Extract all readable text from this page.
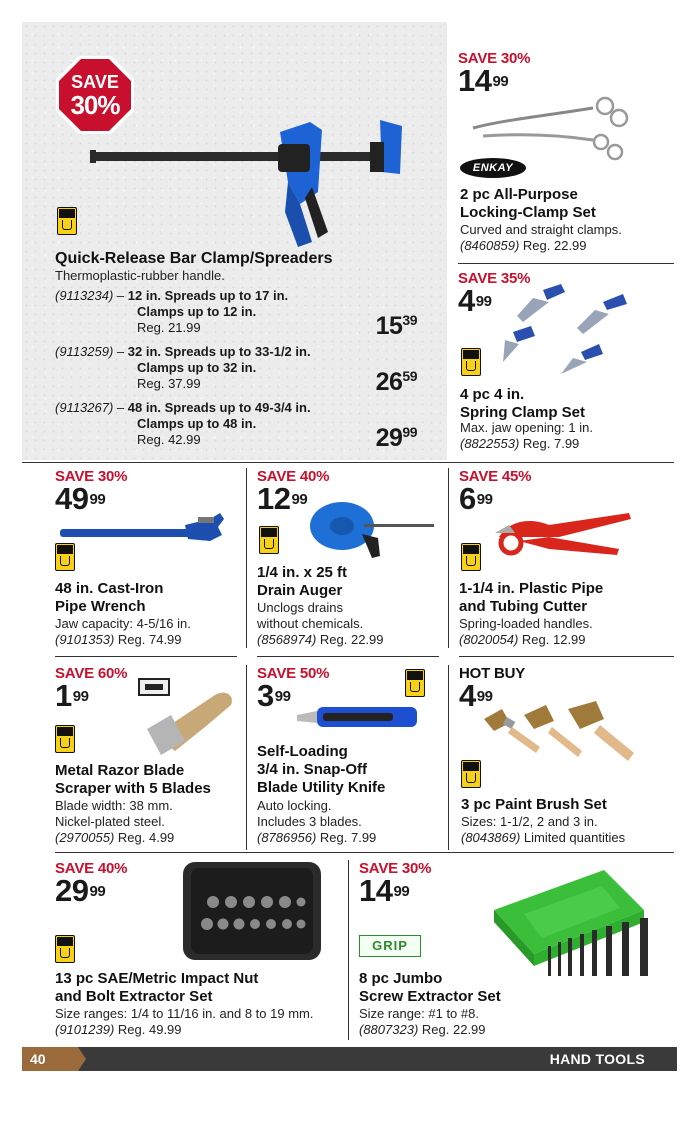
SAVE
30%
Quick-Release Bar Clamp/Spreaders
Thermoplastic-rubber handle.
(9113234) – 12 in. Spreads up to 17 in.
Clamps up to 12 in.
Reg. 21.99	$15^{39}$
(9113259) – 32 in. Spreads up to 33-1/2 in.
Clamps up to 32 in.
Reg. 37.99	$26^{59}$
(9113267) – 48 in. Spreads up to 49-3/4 in.
Clamps up to 48 in.
Reg. 42.99	$29^{99}$
SAVE 30%
$14^{99}$
ENKAY
2 pc All-Purpose
Locking-Clamp Set
Curved and straight clamps.
(8460859) Reg. 22.99
SAVE 35%
$4^{99}$
4 pc 4 in.
Spring Clamp Set
Max. jaw opening: 1 in.
(8822553) Reg. 7.99
SAVE 30%
$49^{99}$
48 in. Cast-Iron
Pipe Wrench
Jaw capacity: 4-5/16 in.
(9101353) Reg. 74.99
SAVE 40%
$12^{99}$
1/4 in. x 25 ft
Drain Auger
Unclogs drains
without chemicals.
(8568974) Reg. 22.99
SAVE 45%
$6^{99}$
1-1/4 in. Plastic Pipe
and Tubing Cutter
Spring-loaded handles.
(8020054) Reg. 12.99
SAVE 60%
$1^{99}$
Metal Razor Blade
Scraper with 5 Blades
Blade width: 38 mm.
Nickel-plated steel.
(2970055) Reg. 4.99
SAVE 50%
$3^{99}$
Self-Loading
3/4 in. Snap-Off
Blade Utility Knife
Auto locking.
Includes 3 blades.
(8786956) Reg. 7.99
HOT BUY
$4^{99}$
3 pc Paint Brush Set
Sizes: 1-1/2, 2 and 3 in.
(8043869) Limited quantities
SAVE 40%
$29^{99}$
13 pc SAE/Metric Impact Nut
and Bolt Extractor Set
Size ranges: 1/4 to 11/16 in. and 8 to 19 mm.
(9101239) Reg. 49.99
SAVE 30%
$14^{99}$
GRIP
8 pc Jumbo
Screw Extractor Set
Size range: #1 to #8.
(8807323) Reg. 22.99
40	HAND TOOLS
